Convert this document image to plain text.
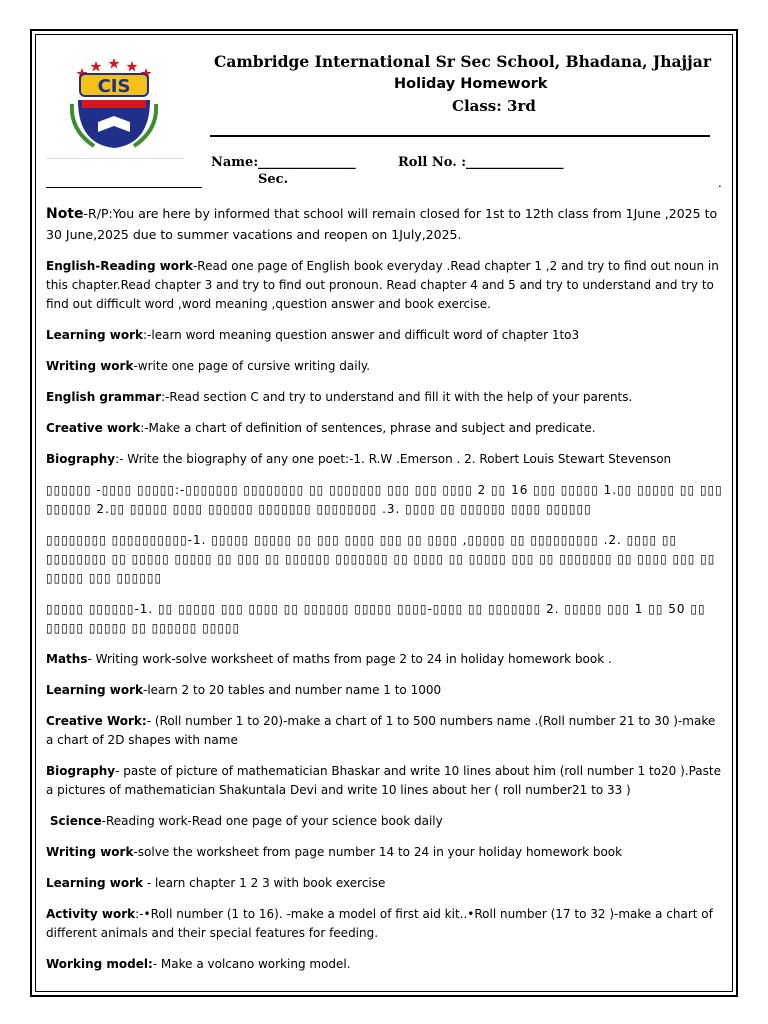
CIS
Cambridge International Sr Sec School, Bhadana, Jhajjar
Holiday Homework
Class: 3rd
Name:_______________	Roll No. :_______________
Sec.	.

Note-R/P:You are here by informed that school will remain closed for 1st to 12th class from 1June ,2025 to 30 June,2025 due to summer vacations and reopen on 1July,2025.

English-Reading work-Read one page of English book everyday .Read chapter 1 ,2 and try to find out noun in this chapter.Read chapter 3 and try to find out pronoun. Read chapter 4 and 5 and try to understand and try to find out difficult word ,word meaning ,question answer and book exercise.

Learning work:-learn word meaning question answer and difficult word of chapter 1to3

Writing work-write one page of cursive writing daily.

English grammar:-Read section C and try to understand and fill it with the help of your parents.

Creative work:-Make a chart of definition of sentences, phrase and subject and predicate.

Biography:- Write the biography of any one poet:-1. R.W .Emerson . 2. Robert Louis Stewart Stevenson

▯▯▯▯▯▯ -▯▯▯▯ ▯▯▯▯▯:-▯▯▯▯▯▯▯ ▯▯▯▯▯▯▯▯ ▯▯ ▯▯▯▯▯▯▯ ▯▯▯ ▯▯▯ ▯▯▯▯ 2 ▯▯ 16 ▯▯▯ ▯▯▯▯▯ 1.▯▯ ▯▯▯▯▯ ▯▯ ▯▯▯ ▯▯▯▯▯▯ 2.▯▯ ▯▯▯▯▯ ▯▯▯▯ ▯▯▯▯▯▯ ▯▯▯▯▯▯▯ ▯▯▯▯▯▯▯▯ .3. ▯▯▯▯ ▯▯ ▯▯▯▯▯▯ ▯▯▯▯ ▯▯▯▯▯▯

▯▯▯▯▯▯▯▯ ▯▯▯▯▯▯▯▯▯▯-1. ▯▯▯▯▯ ▯▯▯▯▯ ▯▯ ▯▯▯ ▯▯▯▯ ▯▯▯ ▯▯ ▯▯▯▯ ,▯▯▯▯▯ ▯▯ ▯▯▯▯▯▯▯▯▯ .2. ▯▯▯▯ ▯▯ ▯▯▯▯▯▯▯▯ ▯▯ ▯▯▯▯▯ ▯▯▯▯▯ ▯▯ ▯▯▯ ▯▯ ▯▯▯▯▯▯ ▯▯▯▯▯▯▯ ▯▯ ▯▯▯▯ ▯▯ ▯▯▯▯▯ ▯▯▯ ▯▯ ▯▯▯▯▯▯▯ ▯▯ ▯▯▯▯ ▯▯▯ ▯▯ ▯▯▯▯▯ ▯▯▯ ▯▯▯▯▯▯

▯▯▯▯▯ ▯▯▯▯▯▯-1. ▯▯ ▯▯▯▯▯ ▯▯▯ ▯▯▯▯ ▯▯ ▯▯▯▯▯▯ ▯▯▯▯▯ ▯▯▯▯-▯▯▯▯ ▯▯ ▯▯▯▯▯▯▯ 2. ▯▯▯▯▯ ▯▯▯ 1 ▯▯ 50 ▯▯ ▯▯▯▯▯ ▯▯▯▯▯ ▯▯ ▯▯▯▯▯▯ ▯▯▯▯▯

Maths- Writing work-solve worksheet of maths from page 2 to 24 in holiday homework book .

Learning work-learn 2 to 20 tables and number name 1 to 1000

Creative Work:- (Roll number 1 to 20)-make a chart of 1 to 500 numbers name .(Roll number 21 to 30 )-make a chart of 2D shapes with name

Biography- paste of picture of mathematician Bhaskar and write 10 lines about him (roll number 1 to20 ).Paste a pictures of mathematician Shakuntala Devi and write 10 lines about her ( roll number21 to 33 )

Science-Reading work-Read one page of your science book daily

Writing work-solve the worksheet from page number 14 to 24 in your holiday homework book

Learning work - learn chapter 1 2 3 with book exercise

Activity work:-•Roll number (1 to 16). -make a model of first aid kit..•Roll number (17 to 32 )-make a chart of different animals and their special features for feeding.

Working model:- Make a volcano working model.
